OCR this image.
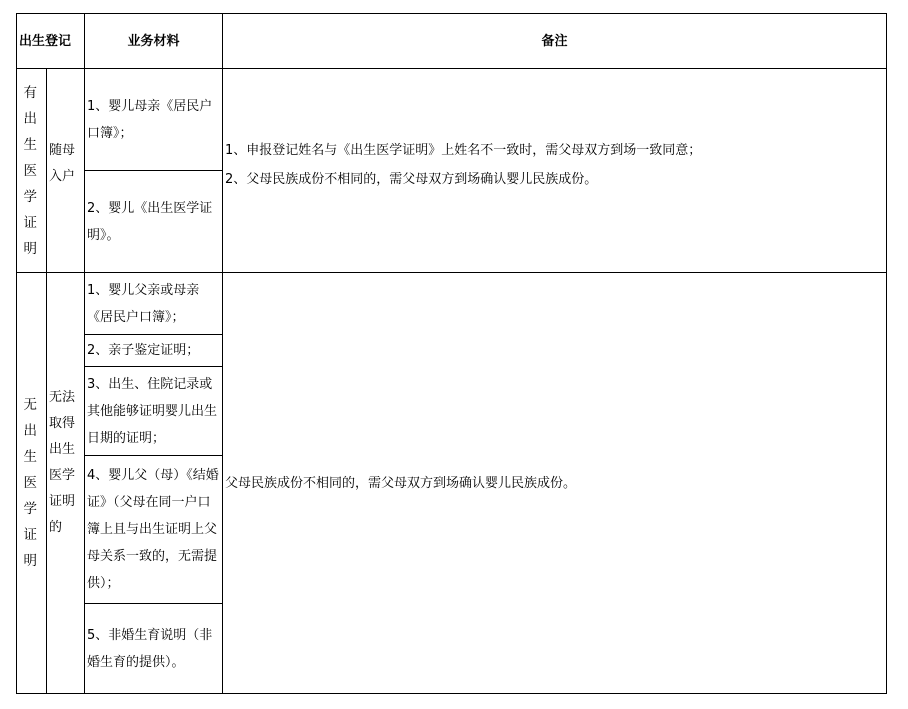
出生登记		业务材料	备注

有出生医学证明	随母入户	1、婴儿母亲《居民户口簿》；	1、申报登记姓名与《出生医学证明》上姓名不一致时，需父母双方到场一致同意；
2、父母民族成份不相同的，需父母双方到场确认婴儿民族成份。

		2、婴儿《出生医学证明》。	

无出生医学证明	无法取得出生医学证明的	1、婴儿父亲或母亲《居民户口簿》；	父母民族成份不相同的，需父母双方到场确认婴儿民族成份。

		2、亲子鉴定证明；	
		3、出生、住院记录或其他能够证明婴儿出生日期的证明；	
		4、婴儿父（母）《结婚证》（父母在同一户口簿上且与出生证明上父母关系一致的，无需提供）；	
		5、非婚生育说明（非婚生育的提供）。	
